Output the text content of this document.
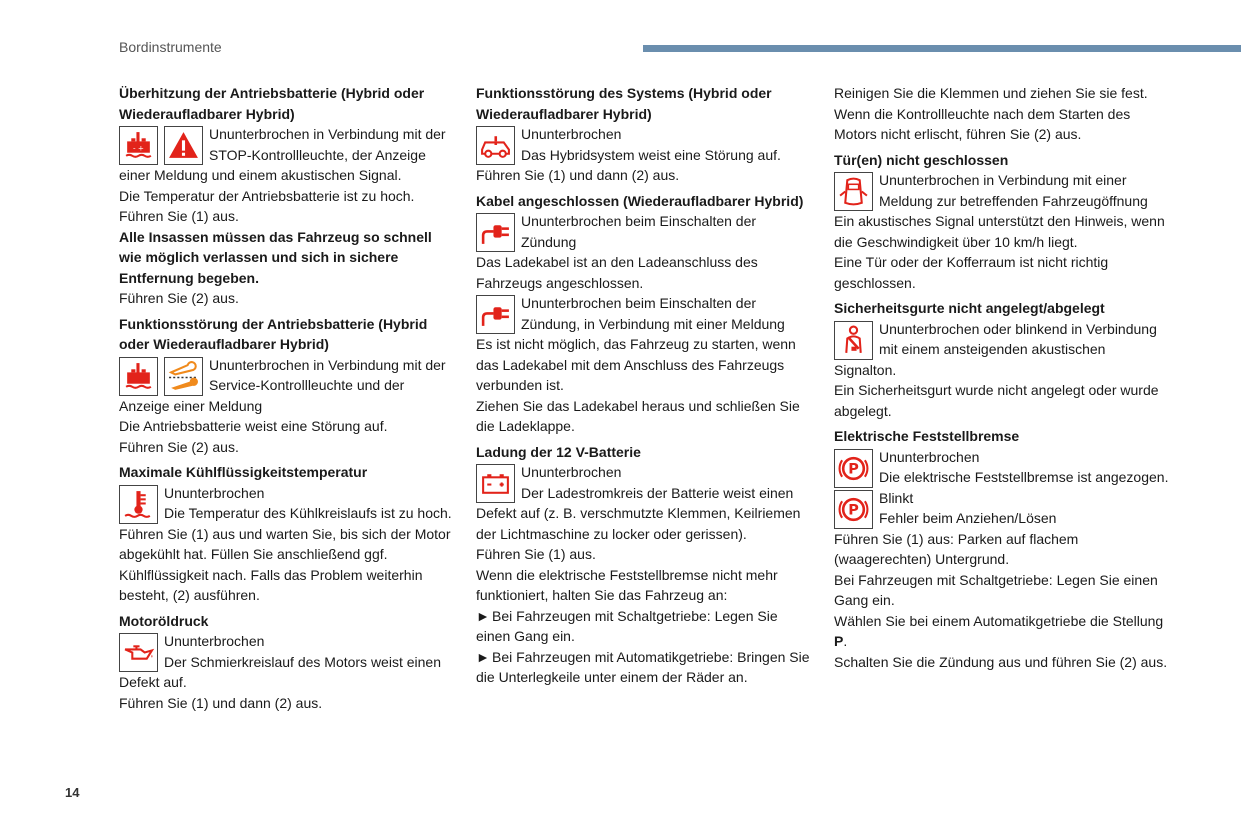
Bordinstrumente
14
Überhitzung der Antriebsbatterie (Hybrid oder Wiederaufladbarer Hybrid)
- +
Ununterbrochen in Verbindung mit der STOP-Kontrollleuchte, der Anzeige einer Meldung und einem akustischen Signal.
Die Temperatur der Antriebsbatterie ist zu hoch.
Führen Sie (1) aus.
Alle Insassen müssen das Fahrzeug so schnell wie möglich verlassen und sich in sichere Entfernung begeben.
Führen Sie (2) aus.
Funktionsstörung der Antriebsbatterie (Hybrid oder Wiederaufladbarer Hybrid)
Ununterbrochen in Verbindung mit der Service-Kontrollleuchte und der Anzeige einer Meldung
Die Antriebsbatterie weist eine Störung auf.
Führen Sie (2) aus.
Maximale Kühlflüssigkeitstemperatur
Ununterbrochen
Die Temperatur des Kühlkreislaufs ist zu hoch.
Führen Sie (1) aus und warten Sie, bis sich der Motor abgekühlt hat. Füllen Sie anschließend ggf. Kühlflüssigkeit nach. Falls das Problem weiterhin besteht, (2) ausführen.
Motoröldruck
Ununterbrochen
Der Schmierkreislauf des Motors weist einen Defekt auf.
Führen Sie (1) und dann (2) aus.
Funktionsstörung des Systems (Hybrid oder Wiederaufladbarer Hybrid)
Ununterbrochen
Das Hybridsystem weist eine Störung auf.
Führen Sie (1) und dann (2) aus.
Kabel angeschlossen (Wiederaufladbarer Hybrid)
Ununterbrochen beim Einschalten der Zündung
Das Ladekabel ist an den Ladeanschluss des Fahrzeugs angeschlossen.
Ununterbrochen beim Einschalten der Zündung, in Verbindung mit einer Meldung
Es ist nicht möglich, das Fahrzeug zu starten, wenn das Ladekabel mit dem Anschluss des Fahrzeugs verbunden ist.
Ziehen Sie das Ladekabel heraus und schließen Sie die Ladeklappe.
Ladung der 12 V-Batterie
Ununterbrochen
Der Ladestromkreis der Batterie weist einen Defekt auf (z. B. verschmutzte Klemmen, Keilriemen der Lichtmaschine zu locker oder gerissen).
Führen Sie (1) aus.
Wenn die elektrische Feststellbremse nicht mehr funktioniert, halten Sie das Fahrzeug an:
► Bei Fahrzeugen mit Schaltgetriebe: Legen Sie einen Gang ein.
► Bei Fahrzeugen mit Automatikgetriebe: Bringen Sie die Unterlegkeile unter einem der Räder an.
Reinigen Sie die Klemmen und ziehen Sie sie fest.
Wenn die Kontrollleuchte nach dem Starten des Motors nicht erlischt, führen Sie (2) aus.
Tür(en) nicht geschlossen
Ununterbrochen in Verbindung mit einer Meldung zur betreffenden Fahrzeugöffnung
Ein akustisches Signal unterstützt den Hinweis, wenn die Geschwindigkeit über 10 km/h liegt.
Eine Tür oder der Kofferraum ist nicht richtig geschlossen.
Sicherheitsgurte nicht angelegt/abgelegt
Ununterbrochen oder blinkend in Verbindung mit einem ansteigenden akustischen Signalton.
Ein Sicherheitsgurt wurde nicht angelegt oder wurde abgelegt.
Elektrische Feststellbremse
P
Ununterbrochen
Die elektrische Feststellbremse ist angezogen.
P
Blinkt
Fehler beim Anziehen/Lösen
Führen Sie (1) aus: Parken auf flachem (waagerechten) Untergrund.
Bei Fahrzeugen mit Schaltgetriebe: Legen Sie einen Gang ein.
Wählen Sie bei einem Automatikgetriebe die Stellung P.
Schalten Sie die Zündung aus und führen Sie (2) aus.
